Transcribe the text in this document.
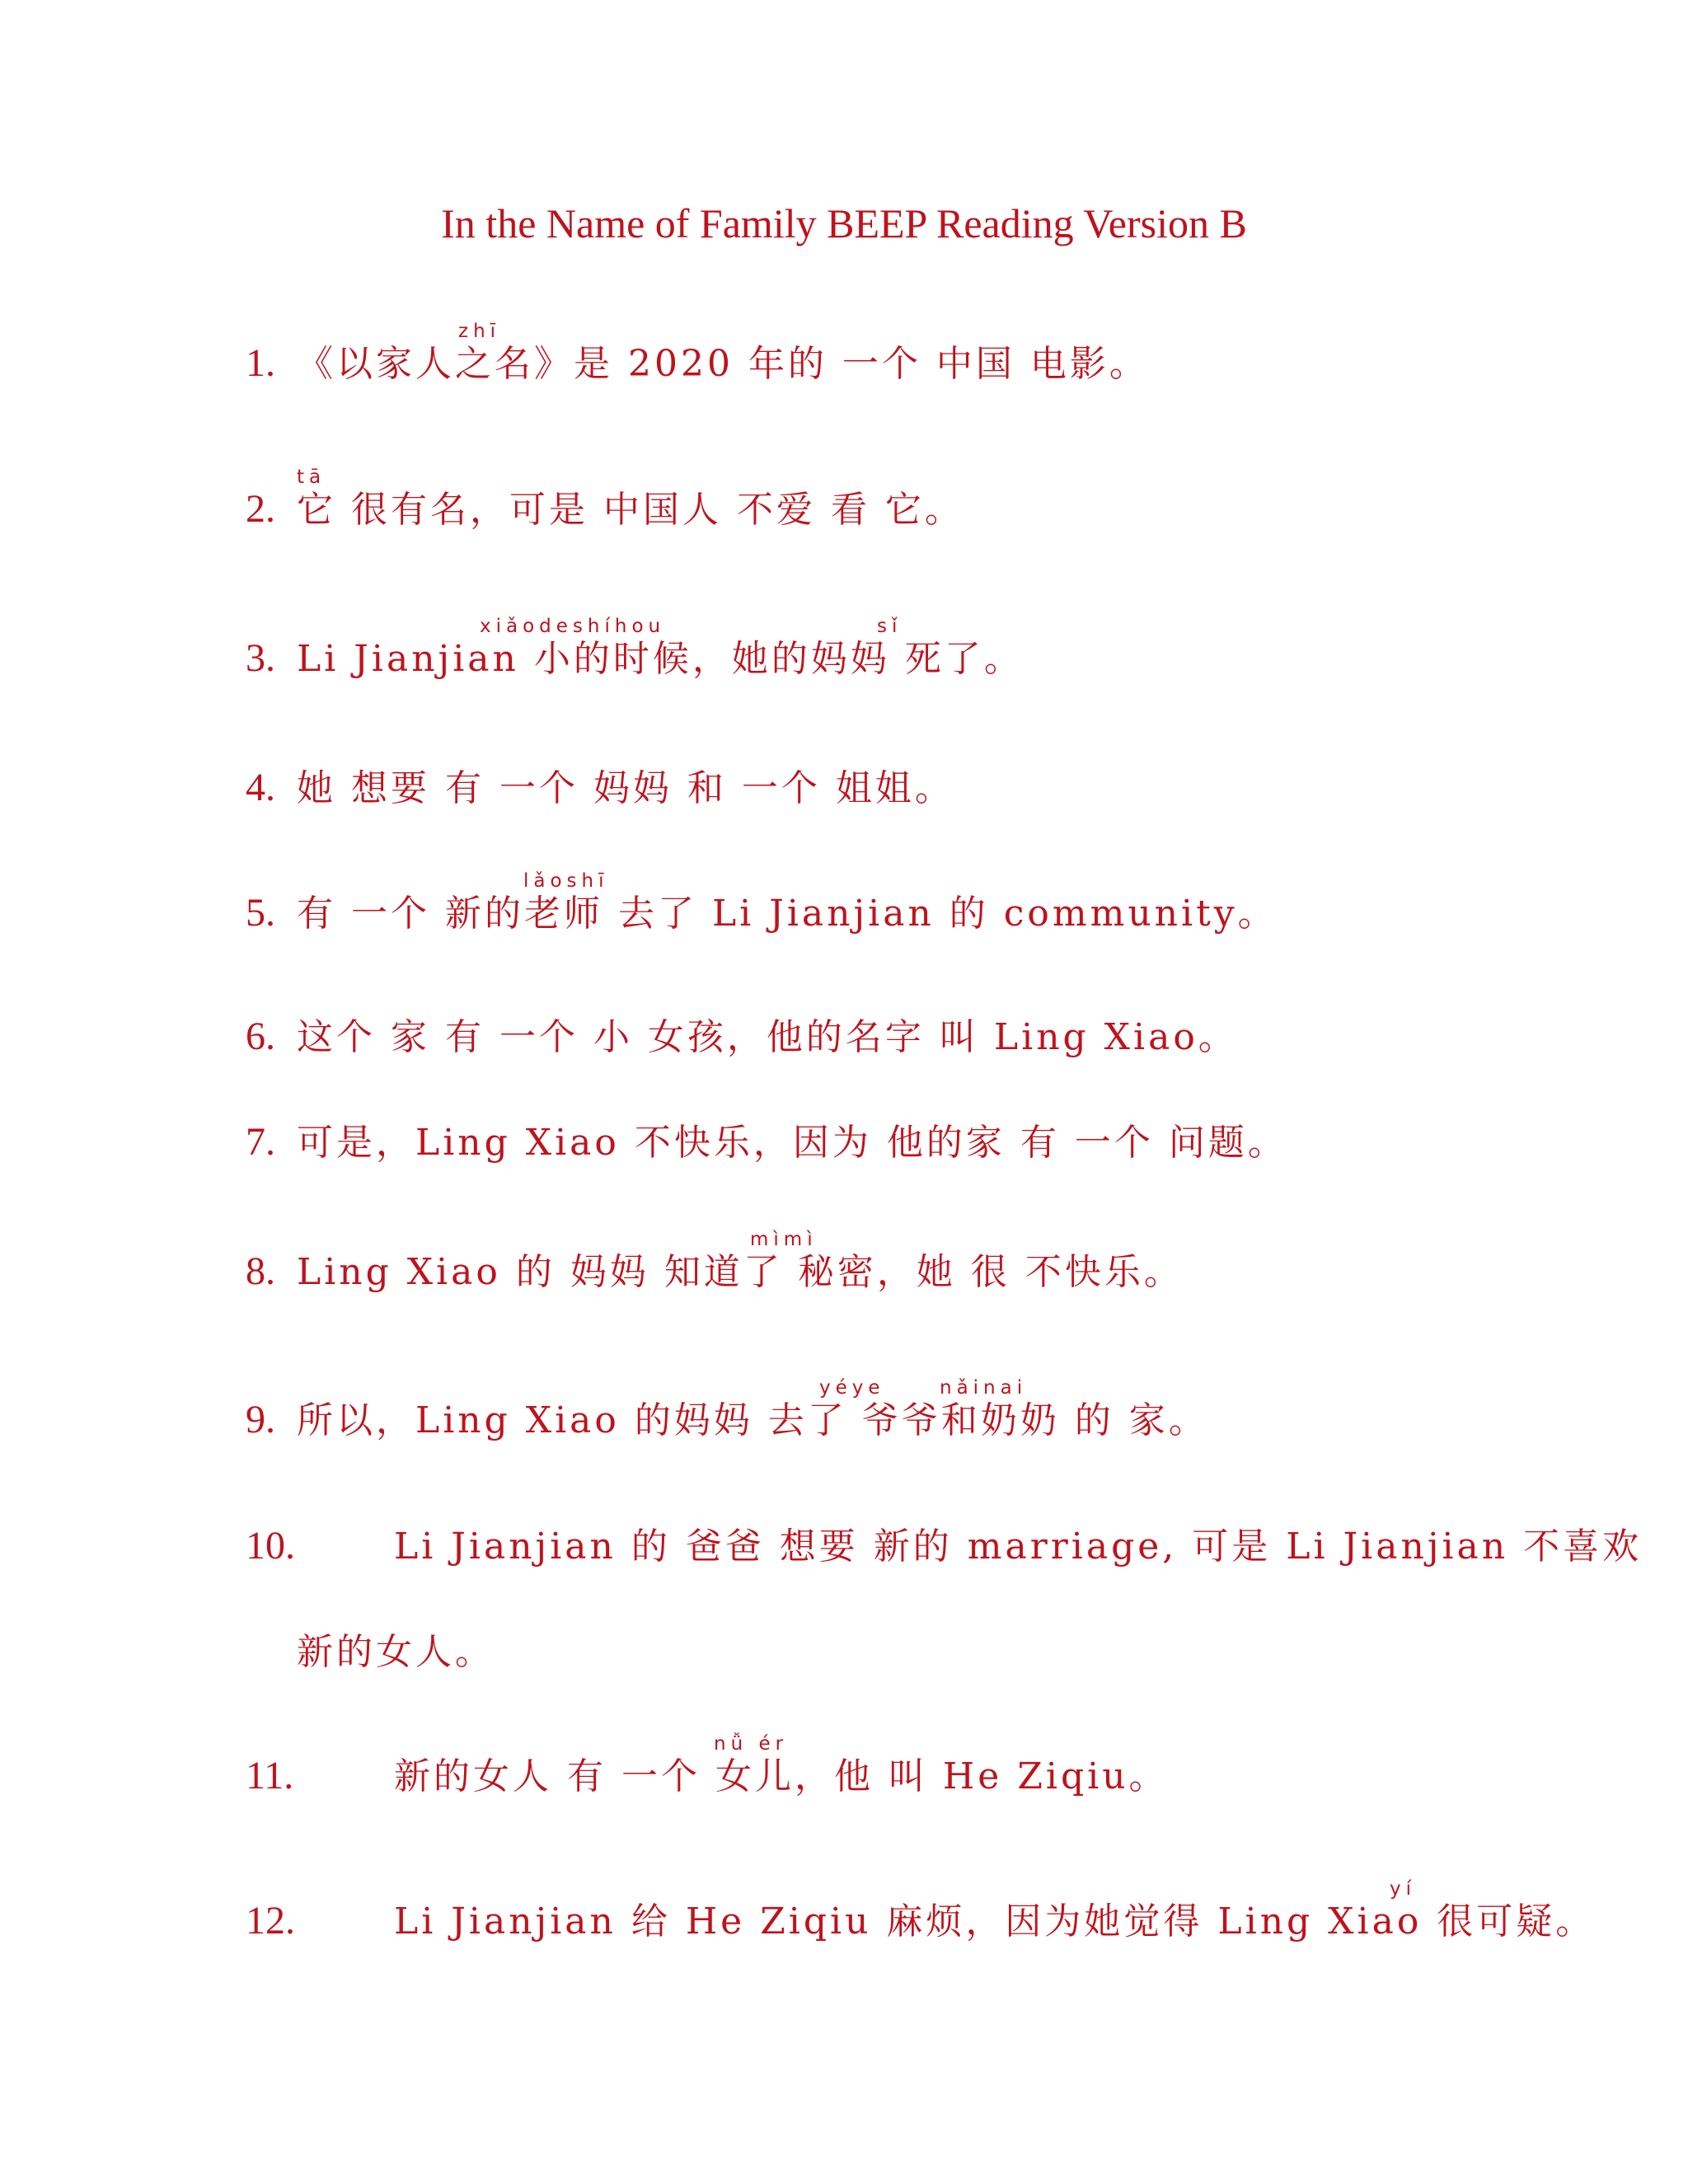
In the Name of Family BEEP Reading Version B
zhī
1. 《以家人之名》是 2020 年的 一个 中国 电影。
tā
2. 它 很有名，可是 中国人 不爱 看 它。
xiǎodeshíhou	sǐ
3. Li Jianjian 小的时候，她的妈妈 死了。
4. 她 想要 有 一个 妈妈 和 一个 姐姐。
lǎoshī
5. 有 一个 新的老师 去了 Li Jianjian 的 community。
6. 这个 家 有 一个 小 女孩，他的名字 叫 Ling Xiao。
7. 可是，Ling Xiao 不快乐，因为 他的家 有 一个 问题。
mìmì
8. Ling Xiao 的 妈妈 知道了 秘密，她 很 不快乐。
yéye	nǎinai
9. 所以，Ling Xiao 的妈妈 去了 爷爷和奶奶 的 家。
10.	Li Jianjian 的 爸爸 想要 新的 marriage, 可是 Li Jianjian 不喜欢
新的女人。
nǚ ér
11.	新的女人 有 一个 女儿，他 叫 He Ziqiu。
yí
12.	Li Jianjian 给 He Ziqiu 麻烦，因为她觉得 Ling Xiao 很可疑。
